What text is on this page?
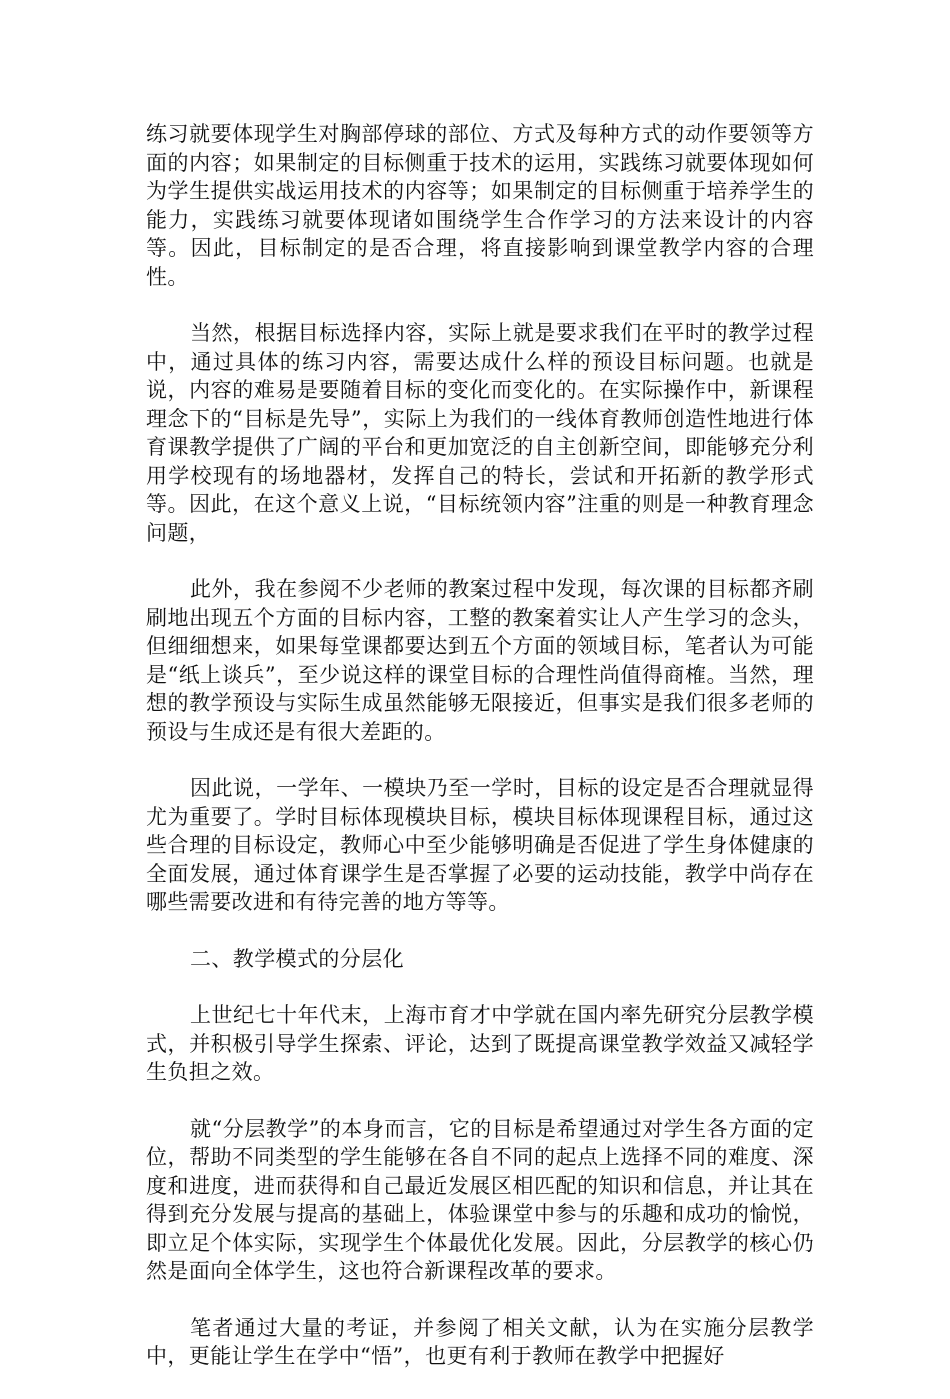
练习就要体现学生对胸部停球的部位、方式及每种方式的动作要领等方面的内容；如果制定的目标侧重于技术的运用，实践练习就要体现如何为学生提供实战运用技术的内容等；如果制定的目标侧重于培养学生的能力，实践练习就要体现诸如围绕学生合作学习的方法来设计的内容等。因此，目标制定的是否合理，将直接影响到课堂教学内容的合理性。

当然，根据目标选择内容，实际上就是要求我们在平时的教学过程中，通过具体的练习内容，需要达成什么样的预设目标问题。也就是说，内容的难易是要随着目标的变化而变化的。在实际操作中，新课程理念下的“目标是先导”，实际上为我们的一线体育教师创造性地进行体育课教学提供了广阔的平台和更加宽泛的自主创新空间，即能够充分利用学校现有的场地器材，发挥自己的特长，尝试和开拓新的教学形式等。因此，在这个意义上说，“目标统领内容”注重的则是一种教育理念问题，

此外，我在参阅不少老师的教案过程中发现，每次课的目标都齐刷刷地出现五个方面的目标内容，工整的教案着实让人产生学习的念头，但细细想来，如果每堂课都要达到五个方面的领域目标，笔者认为可能是“纸上谈兵”，至少说这样的课堂目标的合理性尚值得商榷。当然，理想的教学预设与实际生成虽然能够无限接近，但事实是我们很多老师的预设与生成还是有很大差距的。

因此说，一学年、一模块乃至一学时，目标的设定是否合理就显得尤为重要了。学时目标体现模块目标，模块目标体现课程目标，通过这些合理的目标设定，教师心中至少能够明确是否促进了学生身体健康的全面发展，通过体育课学生是否掌握了必要的运动技能，教学中尚存在哪些需要改进和有待完善的地方等等。

二、教学模式的分层化

上世纪七十年代末，上海市育才中学就在国内率先研究分层教学模式，并积极引导学生探索、评论，达到了既提高课堂教学效益又减轻学生负担之效。

就“分层教学”的本身而言，它的目标是希望通过对学生各方面的定位，帮助不同类型的学生能够在各自不同的起点上选择不同的难度、深度和进度，进而获得和自己最近发展区相匹配的知识和信息，并让其在得到充分发展与提高的基础上，体验课堂中参与的乐趣和成功的愉悦，即立足个体实际，实现学生个体最优化发展。因此，分层教学的核心仍然是面向全体学生，这也符合新课程改革的要求。

笔者通过大量的考证，并参阅了相关文献，认为在实施分层教学中，更能让学生在学中“悟”，也更有利于教师在教学中把握好
